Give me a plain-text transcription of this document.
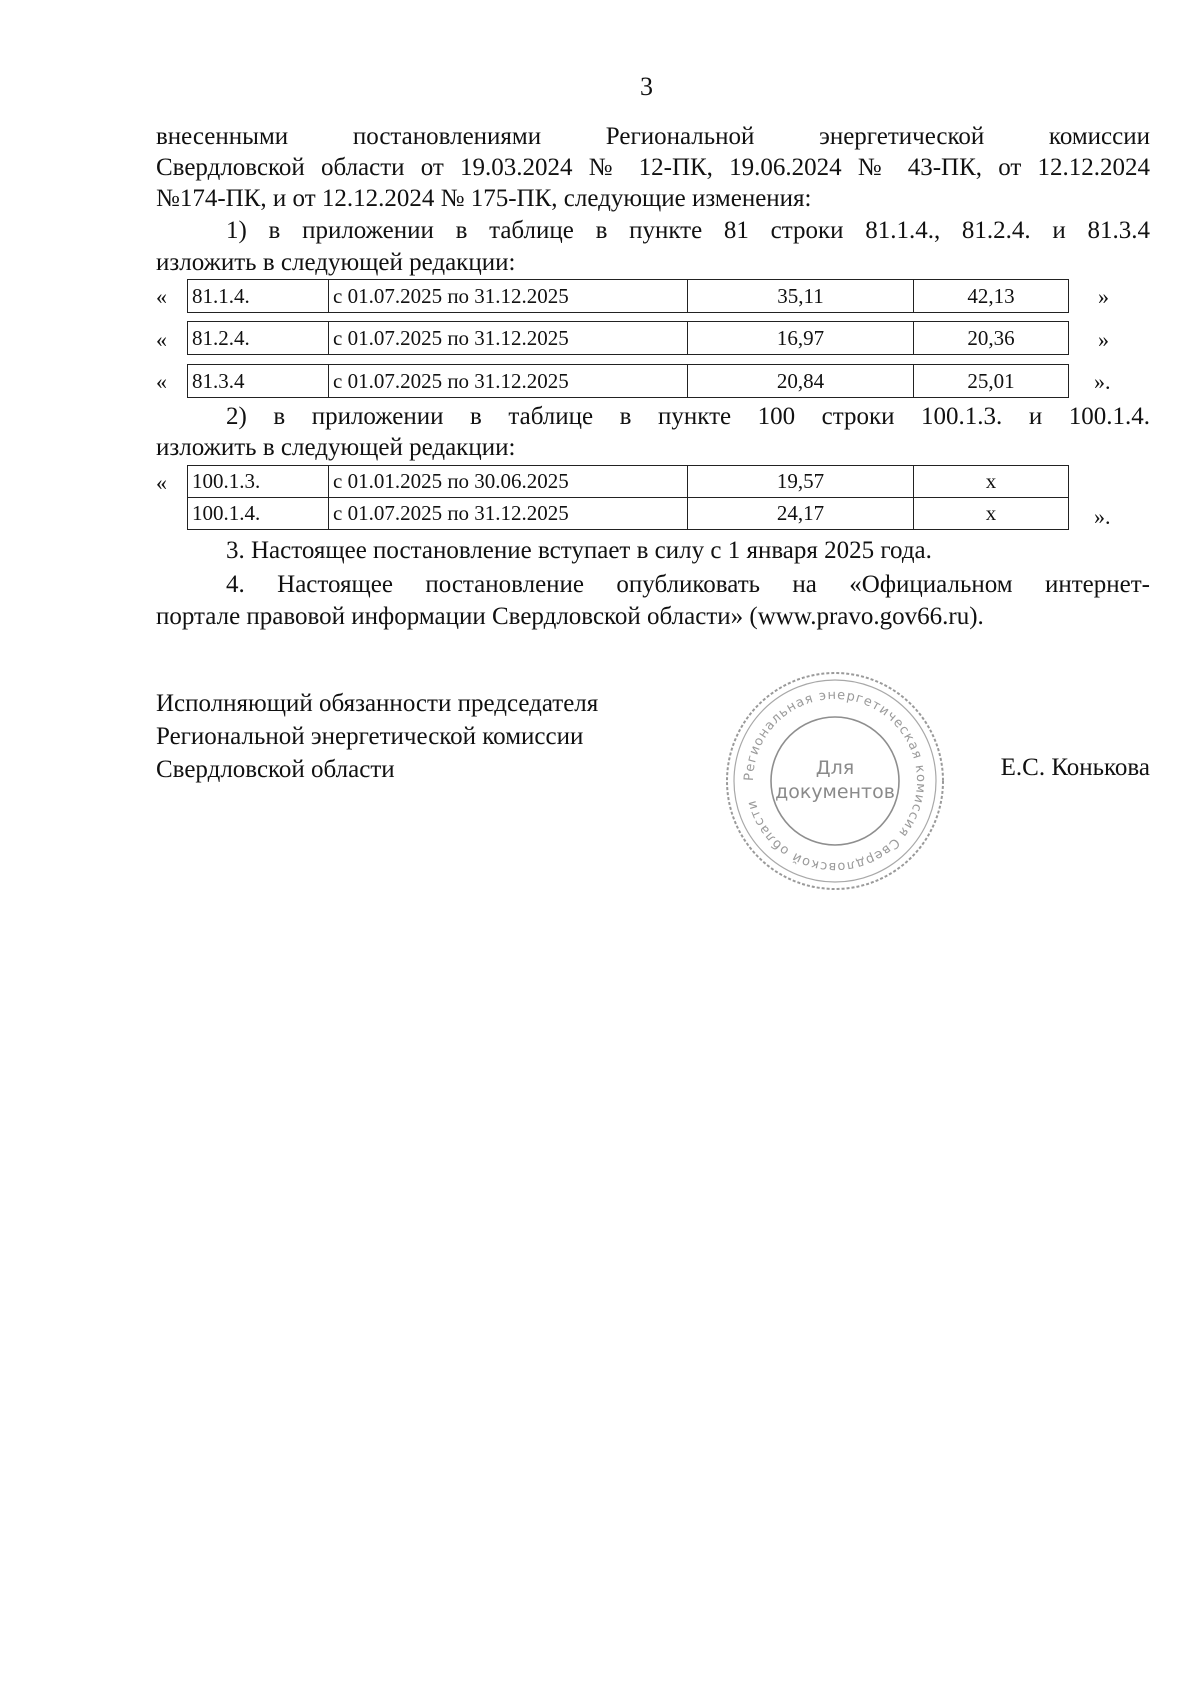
3
внесенными постановлениями Региональной энергетической комиссии
Свердловской области от 19.03.2024 № 12-ПК, 19.06.2024 № 43-ПК, от 12.12.2024
№174-ПК, и от 12.12.2024 № 175-ПК, следующие изменения:
1) в приложении в таблице в пункте 81 строки 81.1.4., 81.2.4. и 81.3.4
изложить в следующей редакции:
« 81.1.4.	с 01.07.2025 по 31.12.2025	35,11	42,13	»
« 81.2.4.	с 01.07.2025 по 31.12.2025	16,97	20,36	»
« 81.3.4	с 01.07.2025 по 31.12.2025	20,84	25,01	».
2) в приложении в таблице в пункте 100 строки 100.1.3. и 100.1.4.
изложить в следующей редакции:
« 100.1.3.	с 01.01.2025 по 30.06.2025	19,57	x
100.1.4.	с 01.07.2025 по 31.12.2025	24,17	x	».
3. Настоящее постановление вступает в силу с 1 января 2025 года.
4. Настоящее постановление опубликовать на «Официальном интернет-
портале правовой информации Свердловской области» (www.pravo.gov66.ru).
Исполняющий обязанности председателя
Региональной энергетической комиссии
Свердловской области	Е.С. Конькова
Региональная энергетическая комиссия Свердловской области
Для
документов
